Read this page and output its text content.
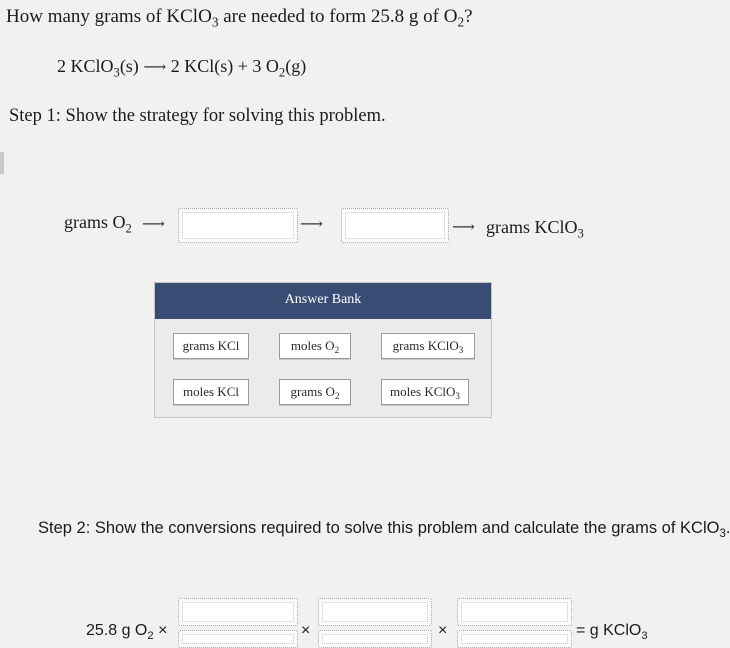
How many grams of KClO$_3$ are needed to form 25.8 g of $O_2$?
2 KClO$_3$(s) ⟶ 2 KCl(s) + 3 $O_2(g)$
Step 1: Show the strategy for solving this problem.
grams $O_2$ ⟶	⟶	⟶ grams KClO$_3$
Answer Bank
grams KCl	moles $O_2$	grams KClO$_3$
moles KCl	grams $O_2$	moles KClO$_3$
Step 2: Show the conversions required to solve this problem and calculate the grams of KClO$_3$
25.8 g $O_2$ ×	×	×	= g KClO$_3$
